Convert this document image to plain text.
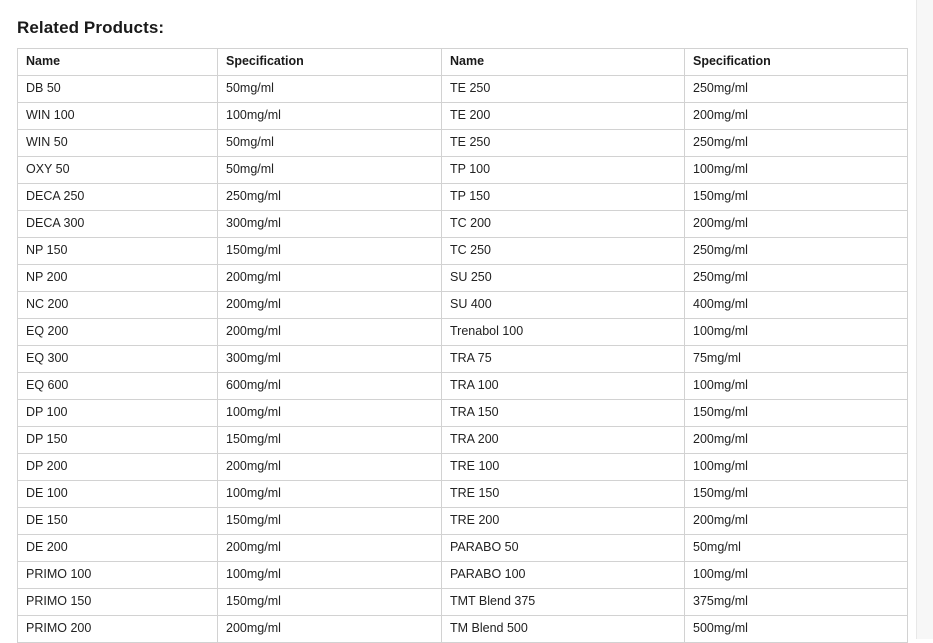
Related Products:
Name	Specification	Name	Specification
DB 50	50mg/ml	TE 250	250mg/ml
WIN 100	100mg/ml	TE 200	200mg/ml
WIN 50	50mg/ml	TE 250	250mg/ml
OXY 50	50mg/ml	TP 100	100mg/ml
DECA 250	250mg/ml	TP 150	150mg/ml
DECA 300	300mg/ml	TC 200	200mg/ml
NP 150	150mg/ml	TC 250	250mg/ml
NP 200	200mg/ml	SU 250	250mg/ml
NC 200	200mg/ml	SU 400	400mg/ml
EQ 200	200mg/ml	Trenabol 100	100mg/ml
EQ 300	300mg/ml	TRA 75	75mg/ml
EQ 600	600mg/ml	TRA 100	100mg/ml
DP 100	100mg/ml	TRA 150	150mg/ml
DP 150	150mg/ml	TRA 200	200mg/ml
DP 200	200mg/ml	TRE 100	100mg/ml
DE 100	100mg/ml	TRE 150	150mg/ml
DE 150	150mg/ml	TRE 200	200mg/ml
DE 200	200mg/ml	PARABO 50	50mg/ml
PRIMO 100	100mg/ml	PARABO 100	100mg/ml
PRIMO 150	150mg/ml	TMT Blend 375	375mg/ml
PRIMO 200	200mg/ml	TM Blend 500	500mg/ml
